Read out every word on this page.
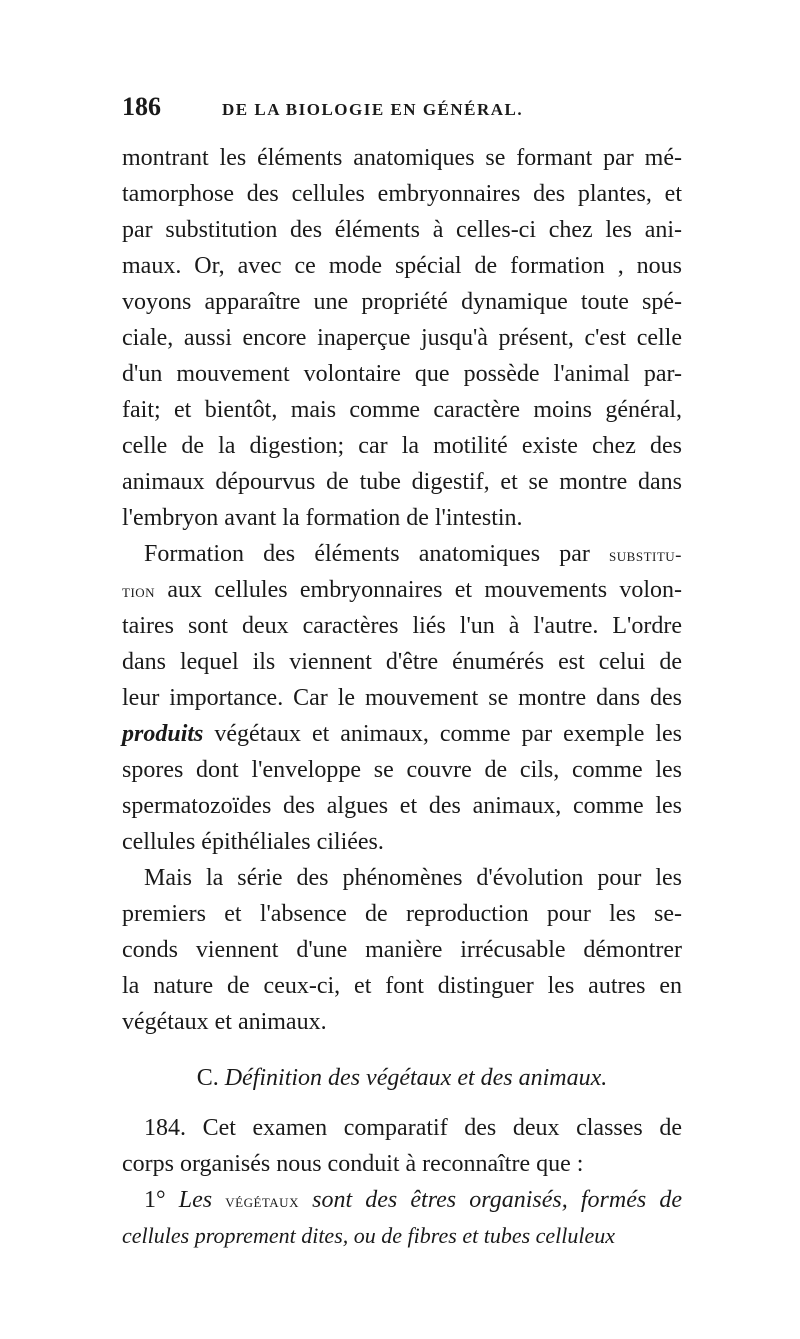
186	DE LA BIOLOGIE EN GÉNÉRAL.
montrant les éléments anatomiques se formant par mé-
tamorphose des cellules embryonnaires des plantes, et
par substitution des éléments à celles-ci chez les ani-
maux. Or, avec ce mode spécial de formation , nous
voyons apparaître une propriété dynamique toute spé-
ciale, aussi encore inaperçue jusqu'à présent, c'est celle
d'un mouvement volontaire que possède l'animal par-
fait; et bientôt, mais comme caractère moins général,
celle de la digestion; car la motilité existe chez des
animaux dépourvus de tube digestif, et se montre dans
l'embryon avant la formation de l'intestin.
Formation des éléments anatomiques par substitu-
tion aux cellules embryonnaires et mouvements volon-
taires sont deux caractères liés l'un à l'autre. L'ordre
dans lequel ils viennent d'être énumérés est celui de
leur importance. Car le mouvement se montre dans des
produits végétaux et animaux, comme par exemple les
spores dont l'enveloppe se couvre de cils, comme les
spermatozoïdes des algues et des animaux, comme les
cellules épithéliales ciliées.
Mais la série des phénomènes d'évolution pour les
premiers et l'absence de reproduction pour les se-
conds viennent d'une manière irrécusable démontrer
la nature de ceux-ci, et font distinguer les autres en
végétaux et animaux.
C. Définition des végétaux et des animaux.
184. Cet examen comparatif des deux classes de
corps organisés nous conduit à reconnaître que :
1° Les végétaux sont des êtres organisés, formés de
cellules proprement dites, ou de fibres et tubes celluleux
